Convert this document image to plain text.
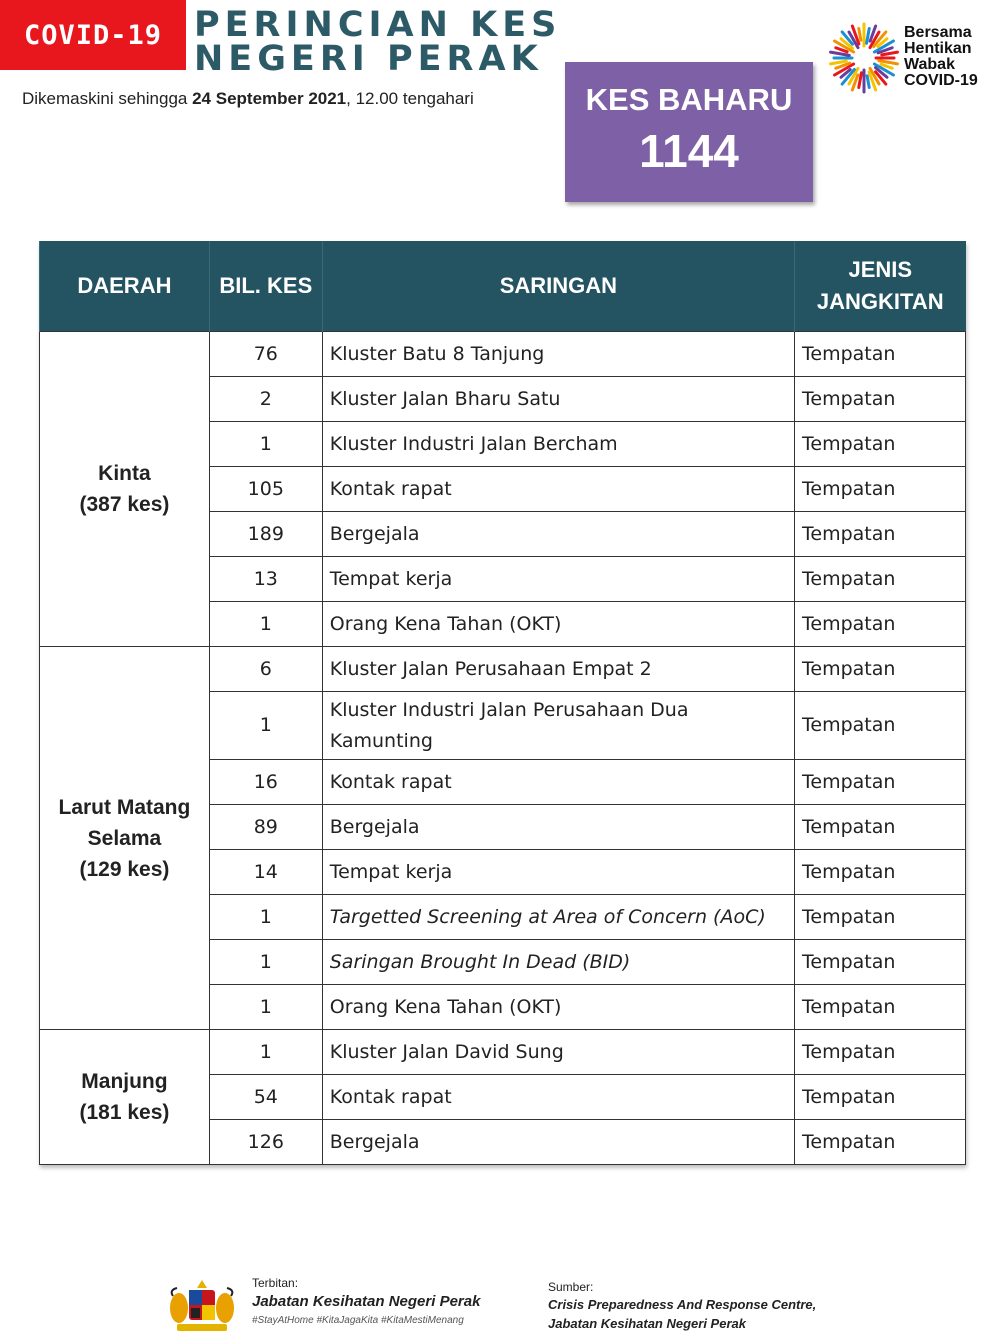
COVID-19 PERINCIAN KES
NEGERI PERAK
Dikemaskini sehingga 24 September 2021, 12.00 tengahari	KES BAHARU
1144
Bersama
Hentikan
Wabak
COVID-19
DAERAH	BIL. KES	SARINGAN	JENIS
JANGKITAN

Kinta
(387 kes)	76	Kluster Batu 8 Tanjung	Tempatan
	2	Kluster Jalan Bharu Satu	Tempatan
	1	Kluster Industri Jalan Bercham	Tempatan
	105	Kontak rapat	Tempatan
	189	Bergejala	Tempatan
	13	Tempat kerja	Tempatan
	1	Orang Kena Tahan (OKT)	Tempatan

Larut Matang
Selama
(129 kes)	6	Kluster Jalan Perusahaan Empat 2	Tempatan
	1	Kluster Industri Jalan Perusahaan Dua Kamunting	Tempatan
	16	Kontak rapat	Tempatan
	89	Bergejala	Tempatan
	14	Tempat kerja	Tempatan
	1	Targetted Screening at Area of Concern (AoC)	Tempatan
	1	Saringan Brought In Dead (BID)	Tempatan
	1	Orang Kena Tahan (OKT)	Tempatan

Manjung
(181 kes)	1	Kluster Jalan David Sung	Tempatan
	54	Kontak rapat	Tempatan
	126	Bergejala	Tempatan
Terbitan:
Jabatan Kesihatan Negeri Perak
#StayAtHome #KitaJagaKita #KitaMestiMenang
Sumber:
Crisis Preparedness And Response Centre,
Jabatan Kesihatan Negeri Perak
